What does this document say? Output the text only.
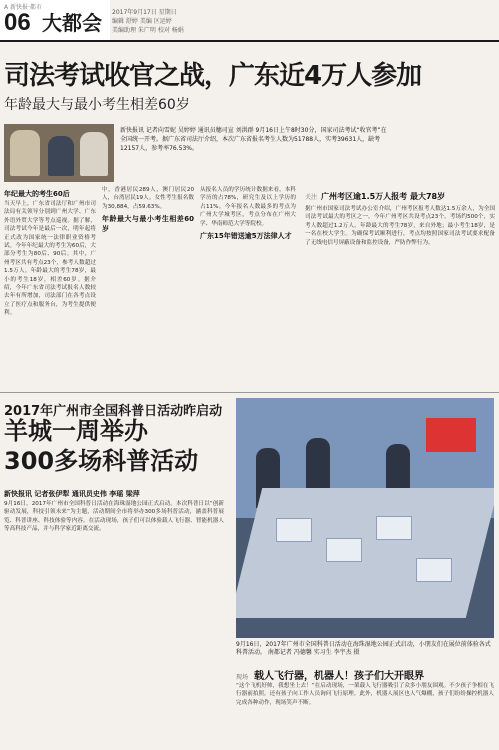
A 新快报·都市
06 大都会 2017年9月17日 星期日
编辑 舒婷 美编 区运婷
美编助理 朱广明 校对 杨娟
司法考试收官之战，广东近4万人参加
年龄最大与最小考生相差60岁
新快报讯 记者向雪妮 吴婷婷 通讯员穗司宣 刘洪群 9月16日上午8时30分，国家司法考试“收官考”在全国统一开考。据广东省司法厅介绍，本次广东省报名考生人数为51788人，实考39631人，缺考12157人，参考率76.53%。
年纪最大的考生60后
当天早上，广东省司法厅和广州市司法局有关领导分别到广州大学、广东外语外贸大学等考点巡视。据了解，司法考试今年是最后一次，明年起将正式改为国家统一法律职业资格考试。今年年纪最大的考生为60后，大部分考生为80后、90后。其中，广州考区共有考点23个，参考人数超过1.5万人。年龄最大的考生78岁，最小的考生18岁，相差60岁。据介绍，今年广东省司法考试报名人数较去年有所增加，司法部门在各考点设立了医疗点和服务台，为考生提供便利。
中，香港居民289人，澳门居民20人，台湾居民19人。女性考生报名数为30,884，占59.63%。
年龄最大与最小考生相差60岁
从报名人员的学历统计数据来看，本科学历的占78%，研究生及以上学历的占11%。今年报名人数最多的考点为广州大学城考区，考点分布在广州大学、华南师范大学等院校。
广东15年错送逾5万法律人才
关注 广州考区逾1.5万人报考 最大78岁
据广州市国家司法考试办公室介绍，广州考区报考人数达1.5万余人，为全国司法考试最大的考区之一。今年广州考区共设考点23个，考场约500个，实考人数超过1.2万人。年龄最大的考生78岁，来自外地；最小考生18岁，是一名在校大学生。为确保考试顺利进行，考点均按照国家司法考试要求配备了无线电信号屏蔽设备和监控设备，严防作弊行为。
2017年广州市全国科普日活动昨启动
羊城一周举办
300多场科普活动
新快报讯 记者张伊犁 通讯员史伟 李瑶 梁萍
9月16日，2017年广州市全国科普日活动在海珠湿地公园正式启动。本次科普日以“创新驱动发展，科技引领未来”为主题，活动期间全市将举办300多场科普活动，涵盖科普展览、科普讲座、科技体验等内容。在活动现场，孩子们可以体验载人飞行器、智能机器人等高科技产品，并与科学家近距离交流。
9月16日，2017年广州市全国科普日活动在海珠湿地公园正式启动，小朋友们在展位前体验各式科普活动。 南都记者 冯德馨 实习生 李宇杰 摄
现场 载人飞行器，机器人！孩子们大开眼界
“这个飞机好帅，我想坐上去！”在启动现场，一架载人飞行器吸引了众多小朋友围观。不少孩子争相在飞行器前拍照，还有孩子向工作人员询问飞行原理。此外，机器人展区也人气爆棚，孩子们纷纷操控机器人完成各种动作，现场笑声不断。
